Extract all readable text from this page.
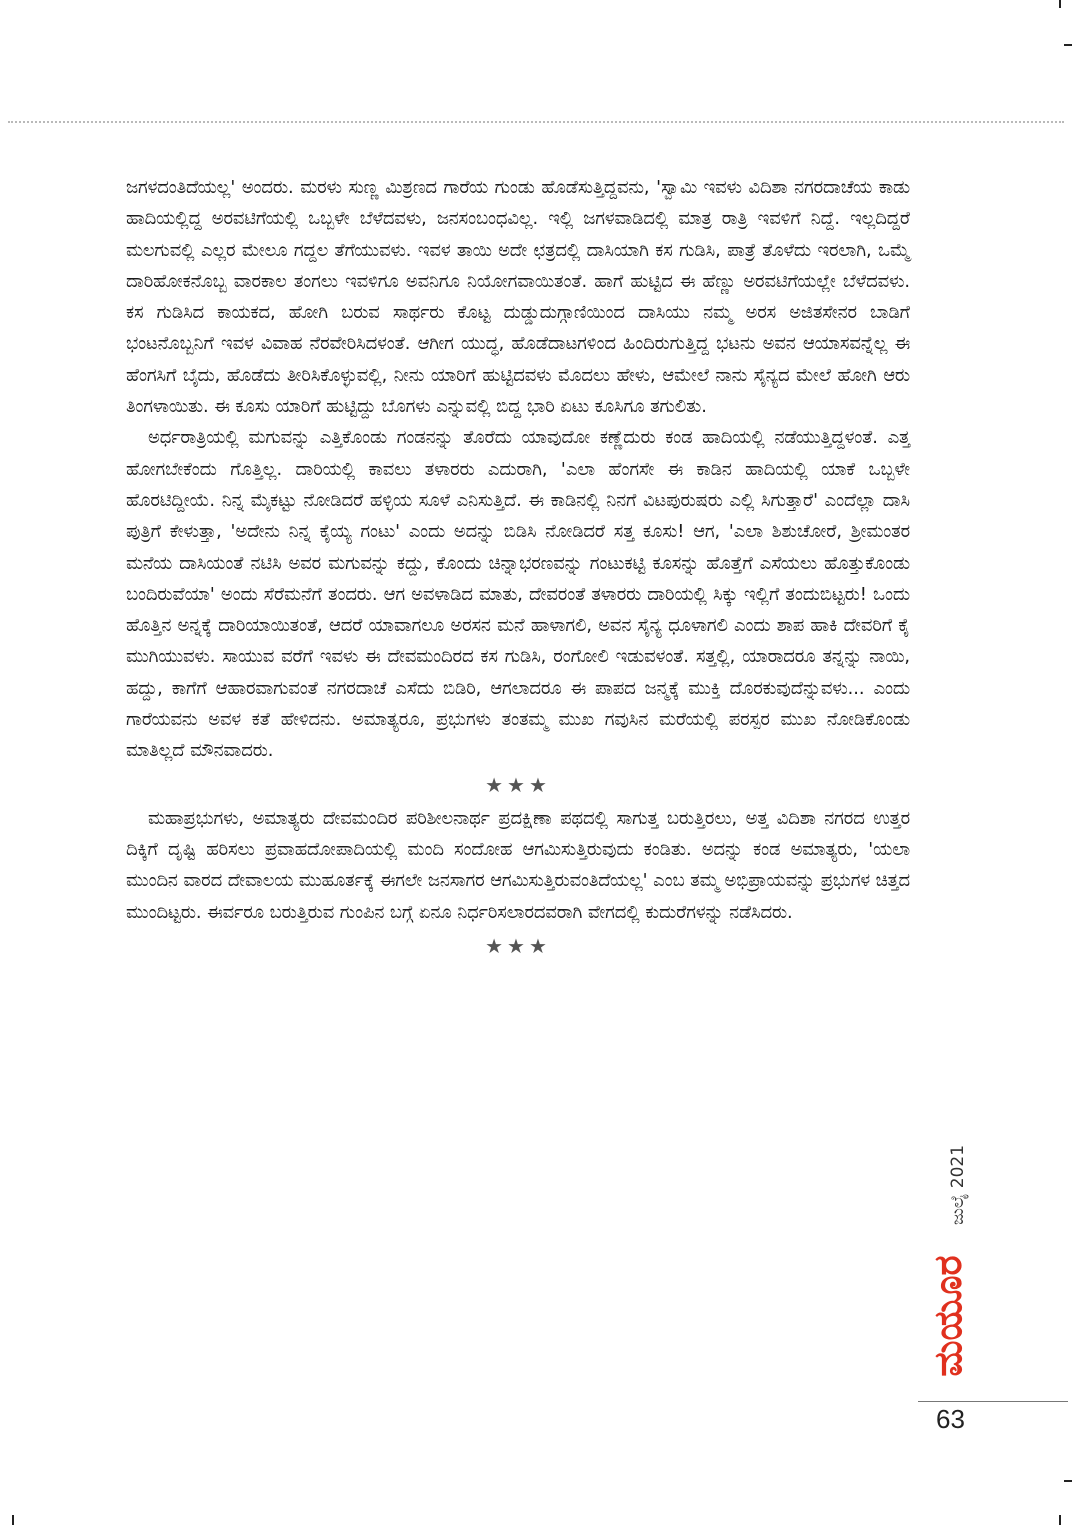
ಜಗಳದಂತಿದೆಯಲ್ಲ' ಅಂದರು. ಮರಳು ಸುಣ್ಣ ಮಿಶ್ರಣದ ಗಾರೆಯ ಗುಂಡು ಹೊಡೆಸುತ್ತಿದ್ದವನು, 'ಸ್ವಾಮಿ ಇವಳು ವಿದಿಶಾ ನಗರದಾಚೆಯ ಕಾಡು ಹಾದಿಯಲ್ಲಿದ್ದ ಅರವಟಿಗೆಯಲ್ಲಿ ಒಬ್ಬಳೇ ಬೆಳೆದವಳು, ಜನಸಂಬಂಧವಿಲ್ಲ. ಇಲ್ಲಿ ಜಗಳವಾಡಿದಲ್ಲಿ ಮಾತ್ರ ರಾತ್ರಿ ಇವಳಿಗೆ ನಿದ್ದೆ. ಇಲ್ಲದಿದ್ದರೆ ಮಲಗುವಲ್ಲಿ ಎಲ್ಲರ ಮೇಲೂ ಗದ್ದಲ ತೆಗೆಯುವಳು. ಇವಳ ತಾಯಿ ಅದೇ ಛತ್ರದಲ್ಲಿ ದಾಸಿಯಾಗಿ ಕಸ ಗುಡಿಸಿ, ಪಾತ್ರೆ ತೊಳೆದು ಇರಲಾಗಿ, ಒಮ್ಮೆ ದಾರಿಹೋಕನೊಬ್ಬ ವಾರಕಾಲ ತಂಗಲು ಇವಳಿಗೂ ಅವನಿಗೂ ನಿಯೋಗವಾಯಿತಂತೆ. ಹಾಗೆ ಹುಟ್ಟಿದ ಈ ಹೆಣ್ಣು ಅರವಟಿಗೆಯಲ್ಲೇ ಬೆಳೆದವಳು. ಕಸ ಗುಡಿಸಿದ ಕಾಯಕದ, ಹೋಗಿ ಬರುವ ಸಾರ್ಥರು ಕೊಟ್ಟ ದುಡ್ಡುದುಗ್ಗಾಣಿಯಿಂದ ದಾಸಿಯು ನಮ್ಮ ಅರಸ ಅಜಿತಸೇನರ ಬಾಡಿಗೆ ಭಂಟನೊಬ್ಬನಿಗೆ ಇವಳ ವಿವಾಹ ನೆರವೇರಿಸಿದಳಂತೆ. ಆಗೀಗ ಯುದ್ಧ, ಹೊಡೆದಾಟಗಳಿಂದ ಹಿಂದಿರುಗುತ್ತಿದ್ದ ಭಟನು ಅವನ ಆಯಾಸವನ್ನೆಲ್ಲ ಈ ಹೆಂಗಸಿಗೆ ಬೈದು, ಹೊಡೆದು ತೀರಿಸಿಕೊಳ್ಳುವಲ್ಲಿ, ನೀನು ಯಾರಿಗೆ ಹುಟ್ಟಿದವಳು ಮೊದಲು ಹೇಳು, ಆಮೇಲೆ ನಾನು ಸೈನ್ಯದ ಮೇಲೆ ಹೋಗಿ ಆರು ತಿಂಗಳಾಯಿತು. ಈ ಕೂಸು ಯಾರಿಗೆ ಹುಟ್ಟಿದ್ದು ಬೊಗಳು ಎನ್ನುವಲ್ಲಿ ಬಿದ್ದ ಭಾರಿ ಏಟು ಕೂಸಿಗೂ ತಗುಲಿತು.

ಅರ್ಧರಾತ್ರಿಯಲ್ಲಿ ಮಗುವನ್ನು ಎತ್ತಿಕೊಂಡು ಗಂಡನನ್ನು ತೊರೆದು ಯಾವುದೋ ಕಣ್ಣೆದುರು ಕಂಡ ಹಾದಿಯಲ್ಲಿ ನಡೆಯುತ್ತಿದ್ದಳಂತೆ. ಎತ್ತ ಹೋಗಬೇಕೆಂದು ಗೊತ್ತಿಲ್ಲ. ದಾರಿಯಲ್ಲಿ ಕಾವಲು ತಳಾರರು ಎದುರಾಗಿ, 'ಎಲಾ ಹೆಂಗಸೇ ಈ ಕಾಡಿನ ಹಾದಿಯಲ್ಲಿ ಯಾಕೆ ಒಬ್ಬಳೇ ಹೊರಟಿದ್ದೀಯೆ. ನಿನ್ನ ಮೈಕಟ್ಟು ನೋಡಿದರೆ ಹಳ್ಳಿಯ ಸೂಳೆ ಎನಿಸುತ್ತಿದೆ. ಈ ಕಾಡಿನಲ್ಲಿ ನಿನಗೆ ವಿಟಪುರುಷರು ಎಲ್ಲಿ ಸಿಗುತ್ತಾರೆ' ಎಂದೆಲ್ಲಾ ದಾಸಿ ಪುತ್ರಿಗೆ ಕೇಳುತ್ತಾ, 'ಅದೇನು ನಿನ್ನ ಕೈಯ್ಯ ಗಂಟು' ಎಂದು ಅದನ್ನು ಬಿಡಿಸಿ ನೋಡಿದರೆ ಸತ್ತ ಕೂಸು! ಆಗ, 'ಎಲಾ ಶಿಶುಚೋರೆ, ಶ್ರೀಮಂತರ ಮನೆಯ ದಾಸಿಯಂತೆ ನಟಿಸಿ ಅವರ ಮಗುವನ್ನು ಕದ್ದು, ಕೊಂದು ಚಿನ್ನಾಭರಣವನ್ನು ಗಂಟುಕಟ್ಟಿ ಕೂಸನ್ನು ಹೊತ್ತೆಗೆ ಎಸೆಯಲು ಹೊತ್ತುಕೊಂಡು ಬಂದಿರುವೆಯಾ' ಅಂದು ಸೆರೆಮನೆಗೆ ತಂದರು. ಆಗ ಅವಳಾಡಿದ ಮಾತು, ದೇವರಂತೆ ತಳಾರರು ದಾರಿಯಲ್ಲಿ ಸಿಕ್ಕು ಇಲ್ಲಿಗೆ ತಂದುಬಿಟ್ಟರು! ಒಂದು ಹೊತ್ತಿನ ಅನ್ನಕ್ಕೆ ದಾರಿಯಾಯಿತಂತೆ, ಆದರೆ ಯಾವಾಗಲೂ ಅರಸನ ಮನೆ ಹಾಳಾಗಲಿ, ಅವನ ಸೈನ್ಯ ಧೂಳಾಗಲಿ ಎಂದು ಶಾಪ ಹಾಕಿ ದೇವರಿಗೆ ಕೈ ಮುಗಿಯುವಳು. ಸಾಯುವ ವರೆಗೆ ಇವಳು ಈ ದೇವಮಂದಿರದ ಕಸ ಗುಡಿಸಿ, ರಂಗೋಲಿ ಇಡುವಳಂತೆ. ಸತ್ತಲ್ಲಿ, ಯಾರಾದರೂ ತನ್ನನ್ನು ನಾಯಿ, ಹದ್ದು, ಕಾಗೆಗೆ ಆಹಾರವಾಗುವಂತೆ ನಗರದಾಚೆ ಎಸೆದು ಬಿಡಿರಿ, ಆಗಲಾದರೂ ಈ ಪಾಪದ ಜನ್ಮಕ್ಕೆ ಮುಕ್ತಿ ದೊರಕುವುದೆನ್ನುವಳು... ಎಂದು ಗಾರೆಯವನು ಅವಳ ಕತೆ ಹೇಳಿದನು. ಅಮಾತ್ಯರೂ, ಪ್ರಭುಗಳು ತಂತಮ್ಮ ಮುಖ ಗವುಸಿನ ಮರೆಯಲ್ಲಿ ಪರಸ್ಪರ ಮುಖ ನೋಡಿಕೊಂಡು ಮಾತಿಲ್ಲದೆ ಮೌನವಾದರು.

★★★

ಮಹಾಪ್ರಭುಗಳು, ಅಮಾತ್ಯರು ದೇವಮಂದಿರ ಪರಿಶೀಲನಾರ್ಥ ಪ್ರದಕ್ಷಿಣಾ ಪಥದಲ್ಲಿ ಸಾಗುತ್ತ ಬರುತ್ತಿರಲು, ಅತ್ತ ವಿದಿಶಾ ನಗರದ ಉತ್ತರ ದಿಕ್ಕಿಗೆ ದೃಷ್ಟಿ ಹರಿಸಲು ಪ್ರವಾಹದೋಪಾದಿಯಲ್ಲಿ ಮಂದಿ ಸಂದೋಹ ಆಗಮಿಸುತ್ತಿರುವುದು ಕಂಡಿತು. ಅದನ್ನು ಕಂಡ ಅಮಾತ್ಯರು, 'ಯಲಾ ಮುಂದಿನ ವಾರದ ದೇವಾಲಯ ಮುಹೂರ್ತಕ್ಕೆ ಈಗಲೇ ಜನಸಾಗರ ಆಗಮಿಸುತ್ತಿರುವಂತಿದೆಯಲ್ಲ' ಎಂಬ ತಮ್ಮ ಅಭಿಪ್ರಾಯವನ್ನು ಪ್ರಭುಗಳ ಚಿತ್ತದ ಮುಂದಿಟ್ಟರು. ಈರ್ವರೂ ಬರುತ್ತಿರುವ ಗುಂಪಿನ ಬಗ್ಗೆ ಏನೂ ನಿರ್ಧರಿಸಲಾರದವರಾಗಿ ವೇಗದಲ್ಲಿ ಕುದುರೆಗಳನ್ನು ನಡೆಸಿದರು.

★★★

ಜುಲೈ 2021
ಮಯೂರ
63
